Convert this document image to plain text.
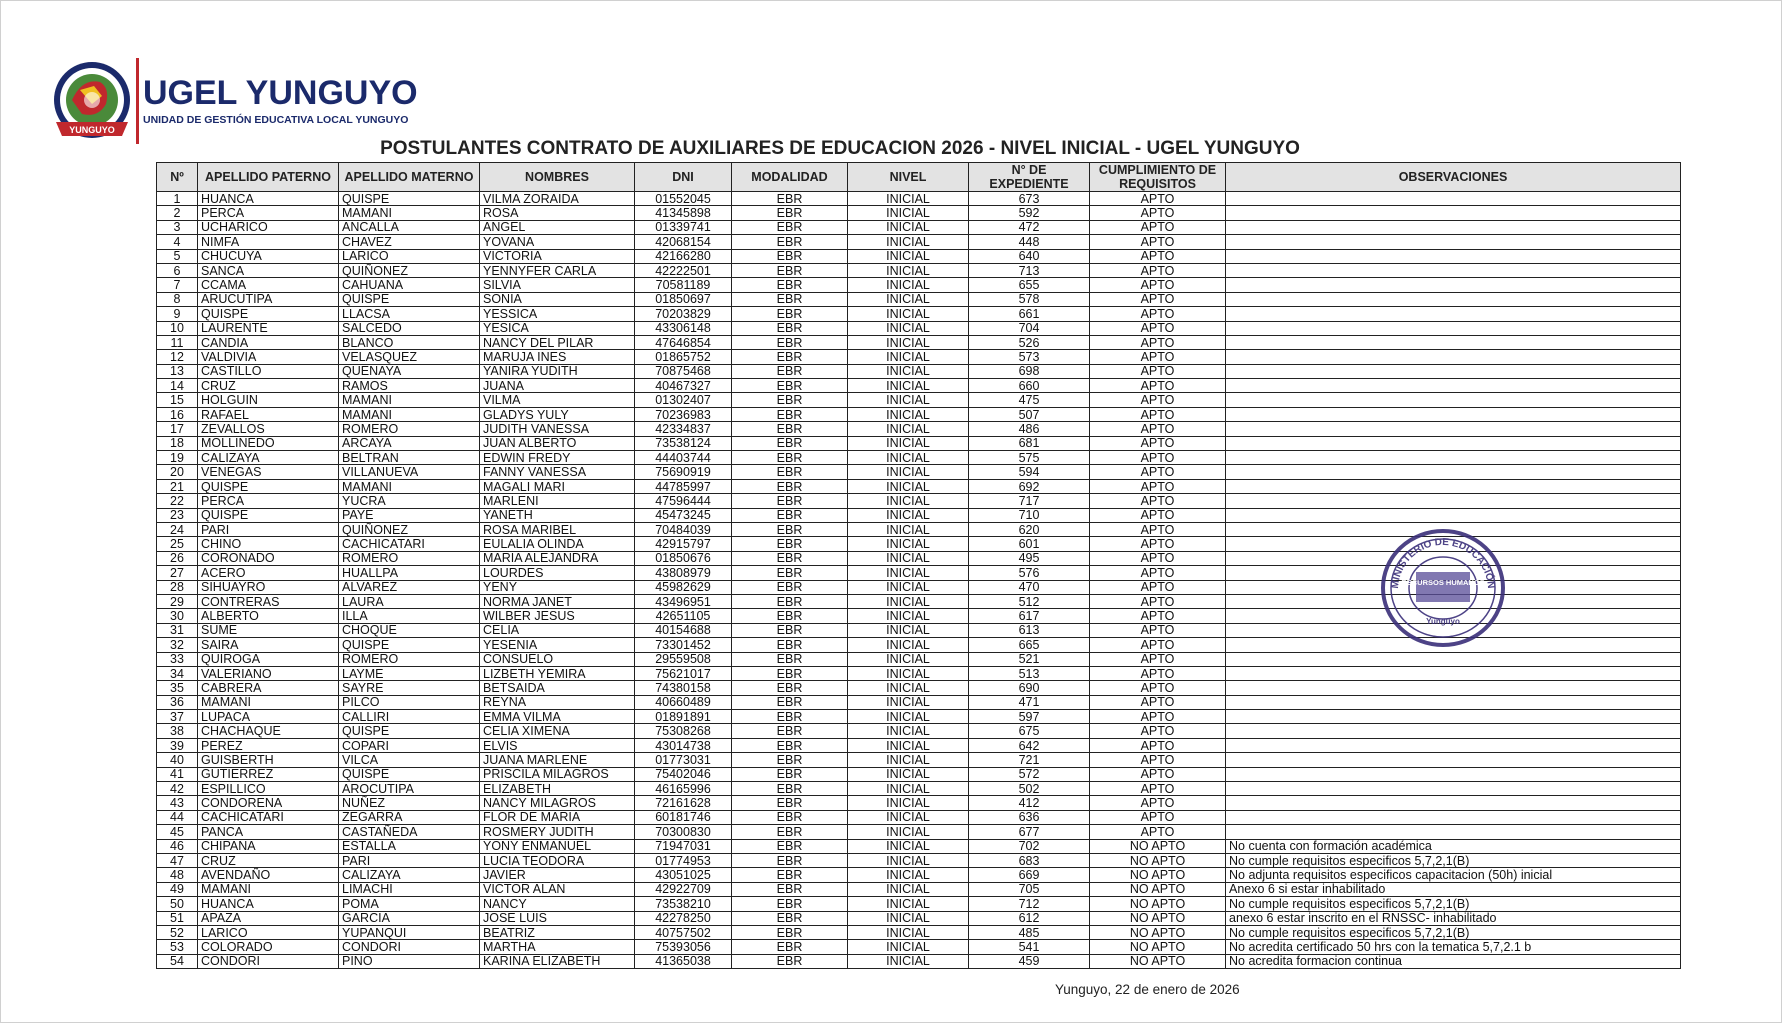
YUNGUYO
UGEL YUNGUYO
UNIDAD DE GESTIÓN EDUCATIVA LOCAL YUNGUYO
POSTULANTES CONTRATO DE AUXILIARES DE EDUCACION 2026 - NIVEL INICIAL - UGEL YUNGUYO
Nº	APELLIDO PATERNO	APELLIDO MATERNO	NOMBRES	DNI	MODALIDAD	NIVEL	N° DE EXPEDIENTE	CUMPLIMIENTO DE REQUISITOS	OBSERVACIONES
1	HUANCA	QUISPE	VILMA ZORAIDA	01552045	EBR	INICIAL	673	APTO	
2	PERCA	MAMANI	ROSA	41345898	EBR	INICIAL	592	APTO	
3	UCHARICO	ANCALLA	ANGEL	01339741	EBR	INICIAL	472	APTO	
4	NIMFA	CHAVEZ	YOVANA	42068154	EBR	INICIAL	448	APTO	
5	CHUCUYA	LARICO	VICTORIA	42166280	EBR	INICIAL	640	APTO	
6	SANCA	QUIÑONEZ	YENNYFER CARLA	42222501	EBR	INICIAL	713	APTO	
7	CCAMA	CAHUANA	SILVIA	70581189	EBR	INICIAL	655	APTO	
8	ARUCUTIPA	QUISPE	SONIA	01850697	EBR	INICIAL	578	APTO	
9	QUISPE	LLACSA	YESSICA	70203829	EBR	INICIAL	661	APTO	
10	LAURENTE	SALCEDO	YESICA	43306148	EBR	INICIAL	704	APTO	
11	CANDIA	BLANCO	NANCY DEL PILAR	47646854	EBR	INICIAL	526	APTO	
12	VALDIVIA	VELASQUEZ	MARUJA INES	01865752	EBR	INICIAL	573	APTO	
13	CASTILLO	QUENAYA	YANIRA YUDITH	70875468	EBR	INICIAL	698	APTO	
14	CRUZ	RAMOS	JUANA	40467327	EBR	INICIAL	660	APTO	
15	HOLGUIN	MAMANI	VILMA	01302407	EBR	INICIAL	475	APTO	
16	RAFAEL	MAMANI	GLADYS YULY	70236983	EBR	INICIAL	507	APTO	
17	ZEVALLOS	ROMERO	JUDITH VANESSA	42334837	EBR	INICIAL	486	APTO	
18	MOLLINEDO	ARCAYA	JUAN ALBERTO	73538124	EBR	INICIAL	681	APTO	
19	CALIZAYA	BELTRAN	EDWIN FREDY	44403744	EBR	INICIAL	575	APTO	
20	VENEGAS	VILLANUEVA	FANNY VANESSA	75690919	EBR	INICIAL	594	APTO	
21	QUISPE	MAMANI	MAGALI MARI	44785997	EBR	INICIAL	692	APTO	
22	PERCA	YUCRA	MARLENI	47596444	EBR	INICIAL	717	APTO	
23	QUISPE	PAYE	YANETH	45473245	EBR	INICIAL	710	APTO	
24	PARI	QUIÑONEZ	ROSA MARIBEL	70484039	EBR	INICIAL	620	APTO	
25	CHINO	CACHICATARI	EULALIA OLINDA	42915797	EBR	INICIAL	601	APTO	
26	CORONADO	ROMERO	MARIA ALEJANDRA	01850676	EBR	INICIAL	495	APTO	
27	ACERO	HUALLPA	LOURDES	43808979	EBR	INICIAL	576	APTO	
28	SIHUAYRO	ALVAREZ	YENY	45982629	EBR	INICIAL	470	APTO	
29	CONTRERAS	LAURA	NORMA JANET	43496951	EBR	INICIAL	512	APTO	
30	ALBERTO	ILLA	WILBER JESUS	42651105	EBR	INICIAL	617	APTO	
31	SUME	CHOQUE	CELIA	40154688	EBR	INICIAL	613	APTO	
32	SAIRA	QUISPE	YESENIA	73301452	EBR	INICIAL	665	APTO	
33	QUIROGA	ROMERO	CONSUELO	29559508	EBR	INICIAL	521	APTO	
34	VALERIANO	LAYME	LIZBETH YEMIRA	75621017	EBR	INICIAL	513	APTO	
35	CABRERA	SAYRE	BETSAIDA	74380158	EBR	INICIAL	690	APTO	
36	MAMANI	PILCO	REYNA	40660489	EBR	INICIAL	471	APTO	
37	LUPACA	CALLIRI	EMMA VILMA	01891891	EBR	INICIAL	597	APTO	
38	CHACHAQUE	QUISPE	CELIA XIMENA	75308268	EBR	INICIAL	675	APTO	
39	PEREZ	COPARI	ELVIS	43014738	EBR	INICIAL	642	APTO	
40	GUISBERTH	VILCA	JUANA MARLENE	01773031	EBR	INICIAL	721	APTO	
41	GUTIERREZ	QUISPE	PRISCILA MILAGROS	75402046	EBR	INICIAL	572	APTO	
42	ESPILLICO	AROCUTIPA	ELIZABETH	46165996	EBR	INICIAL	502	APTO	
43	CONDORENA	NUÑEZ	NANCY MILAGROS	72161628	EBR	INICIAL	412	APTO	
44	CACHICATARI	ZEGARRA	FLOR DE MARIA	60181746	EBR	INICIAL	636	APTO	
45	PANCA	CASTAÑEDA	ROSMERY JUDITH	70300830	EBR	INICIAL	677	APTO	
46	CHIPANA	ESTALLA	YONY ENMANUEL	71947031	EBR	INICIAL	702	NO APTO	No cuenta con formación académica
47	CRUZ	PARI	LUCIA TEODORA	01774953	EBR	INICIAL	683	NO APTO	No cumple requisitos especificos 5,7,2,1(B)
48	AVENDAÑO	CALIZAYA	JAVIER	43051025	EBR	INICIAL	669	NO APTO	No adjunta requisitos especificos capacitacion (50h) inicial
49	MAMANI	LIMACHI	VICTOR ALAN	42922709	EBR	INICIAL	705	NO APTO	Anexo 6 si estar inhabilitado
50	HUANCA	POMA	NANCY	73538210	EBR	INICIAL	712	NO APTO	No cumple requisitos especificos 5,7,2,1(B)
51	APAZA	GARCIA	JOSE LUIS	42278250	EBR	INICIAL	612	NO APTO	anexo 6 estar inscrito en el RNSSC- inhabilitado
52	LARICO	YUPANQUI	BEATRIZ	40757502	EBR	INICIAL	485	NO APTO	No cumple requisitos especificos 5,7,2,1(B)
53	COLORADO	CONDORI	MARTHA	75393056	EBR	INICIAL	541	NO APTO	No acredita certificado 50 hrs con la tematica 5,7,2.1 b
54	CONDORI	PINO	KARINA ELIZABETH	41365038	EBR	INICIAL	459	NO APTO	No acredita formacion continua
MINISTERIO DE EDUCACIÓN
RECURSOS HUMANOS
Yunguyo
Yunguyo, 22 de enero de 2026
